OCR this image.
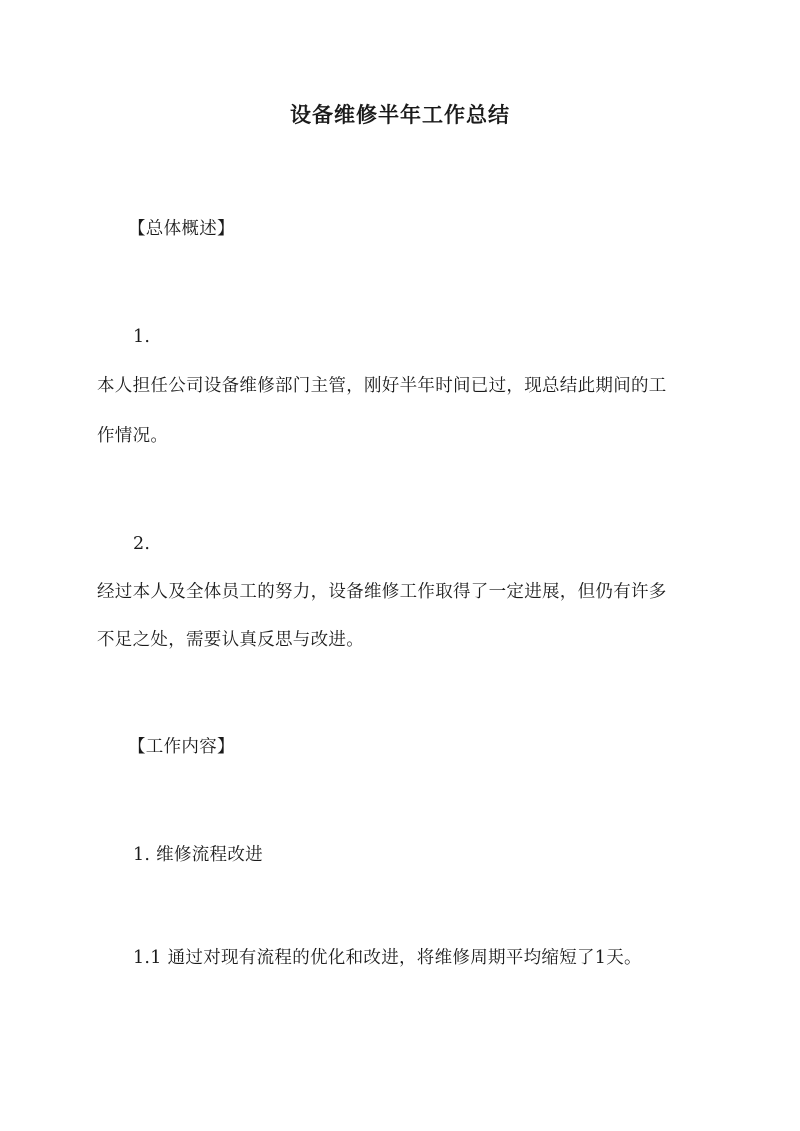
设备维修半年工作总结
【总体概述】
1.
本人担任公司设备维修部门主管，刚好半年时间已过，现总结此期间的工
作情况。
2.
经过本人及全体员工的努力，设备维修工作取得了一定进展，但仍有许多
不足之处，需要认真反思与改进。
【工作内容】
1. 维修流程改进
1.1 通过对现有流程的优化和改进，将维修周期平均缩短了1天。
